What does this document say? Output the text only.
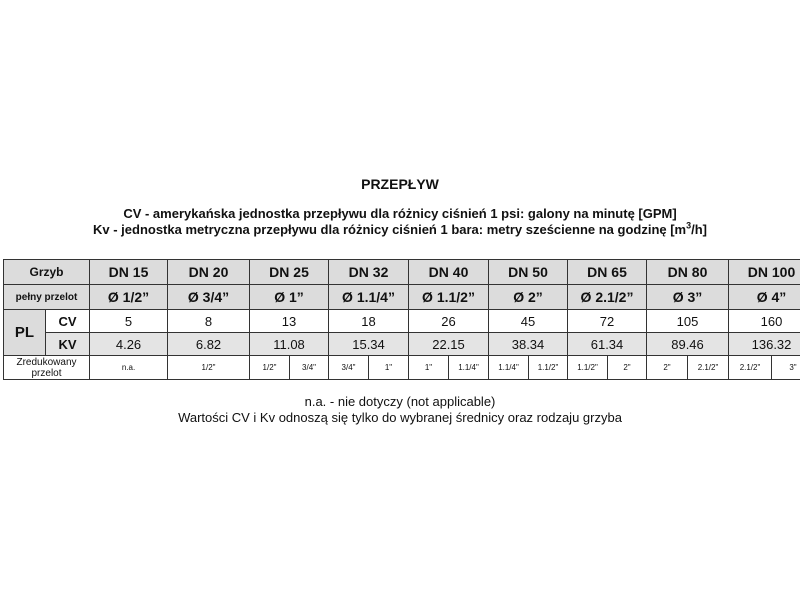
PRZEPŁYW
CV - amerykańska jednostka przepływu dla różnicy ciśnień 1 psi: galony na minutę [GPM]
Kv - jednostka metryczna przepływu dla różnicy ciśnień 1 bara: metry sześcienne na godzinę $[m^3/h]$
Grzyb		DN 15	DN 20	DN 25		DN 32		DN 40		DN 50		DN 65		DN 80		DN 100	
pełny przelot		Ø 1/2”	Ø 3/4”	Ø 1”		Ø 1.1/4”		Ø 1.1/2”		Ø 2”		Ø 2.1/2”		Ø 3”		Ø 4”	
PL	CV	5	8	13		18		26		45		72		105		160	
	KV	4.26	6.82	11.08		15.34		22.15		38.34		61.34		89.46		136.32	
Zredukowany przelot		n.a.	1/2"	1/2"	3/4"	3/4"	1"	1"	1.1/4"	1.1/4"	1.1/2"	1.1/2"	2"	2"	2.1/2"	2.1/2"	3"
n.a. - nie dotyczy (not applicable)
Wartości CV i Kv odnoszą się tylko do wybranej średnicy oraz rodzaju grzyba
